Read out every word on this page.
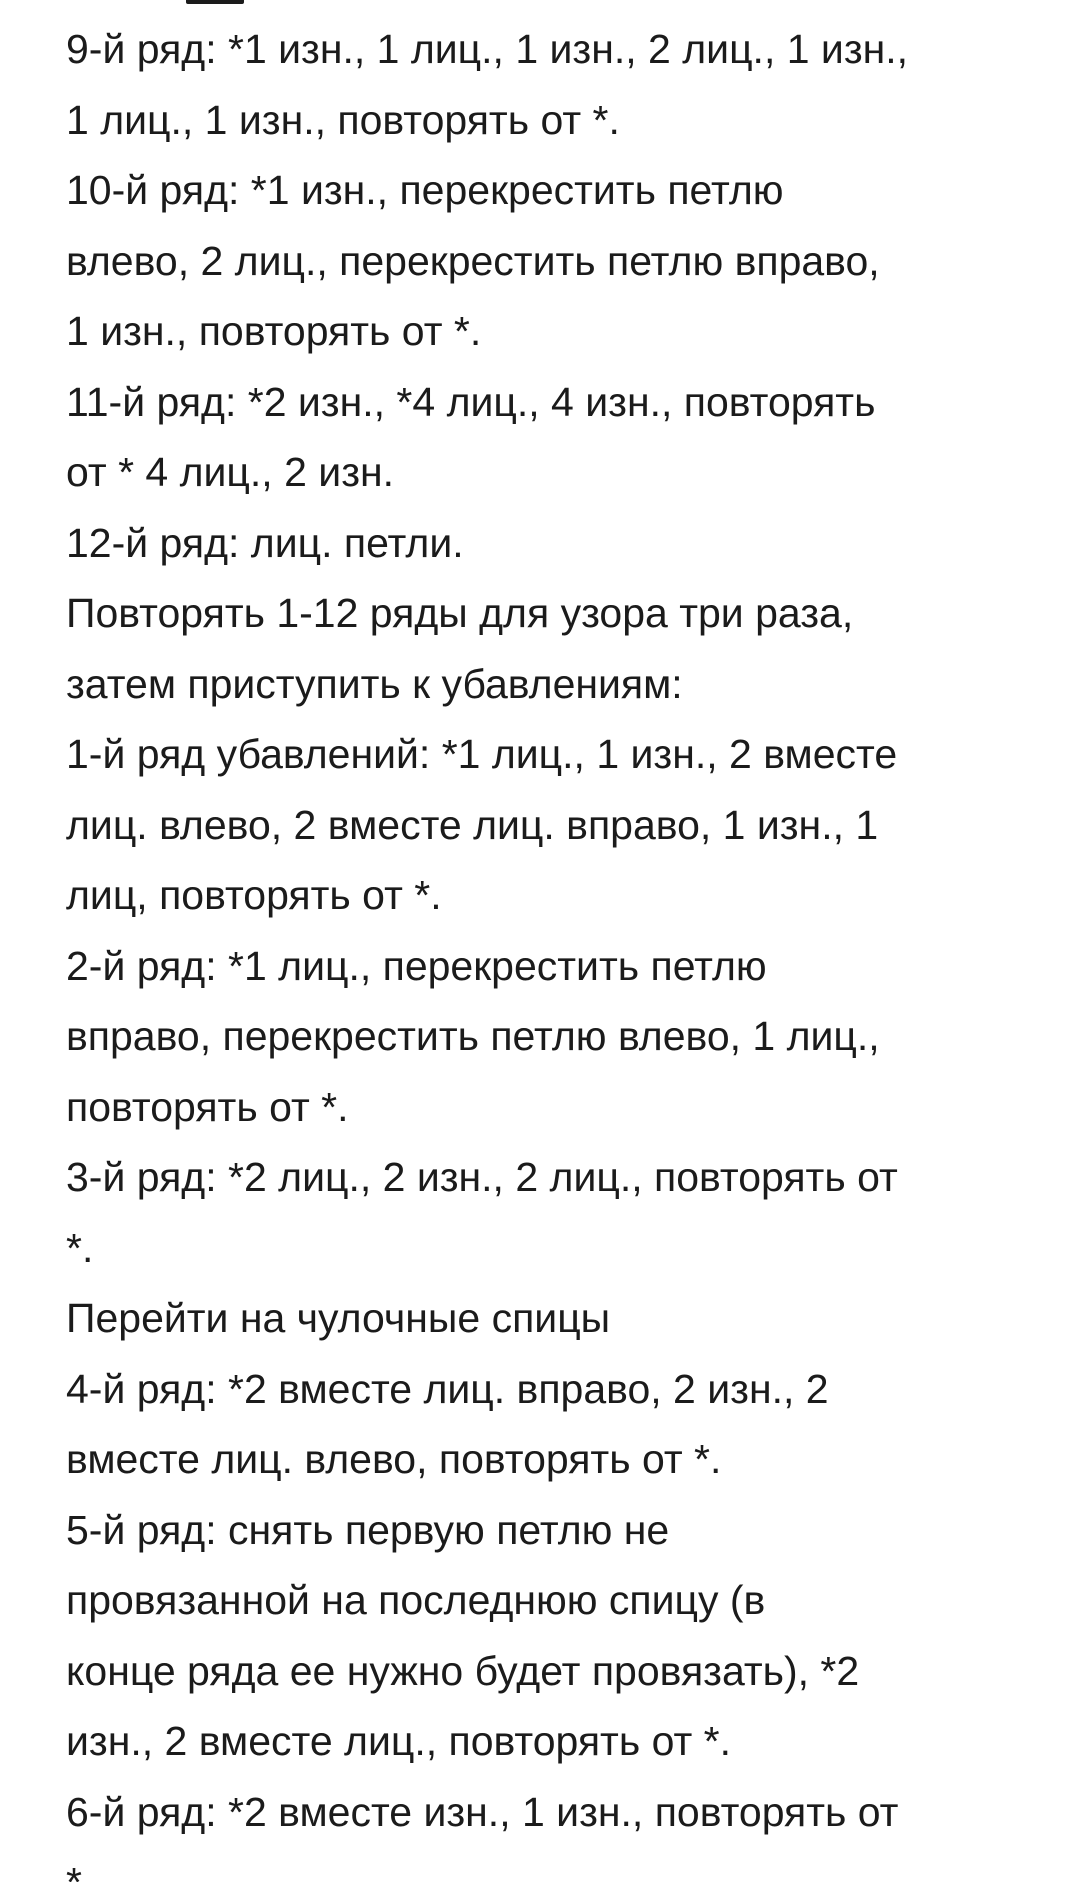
9-й ряд: *1 изн., 1 лиц., 1 изн., 2 лиц., 1 изн.,
1 лиц., 1 изн., повторять от *.
10-й ряд: *1 изн., перекрестить петлю
влево, 2 лиц., перекрестить петлю вправо,
1 изн., повторять от *.
11-й ряд: *2 изн., *4 лиц., 4 изн., повторять
от * 4 лиц., 2 изн.
12-й ряд: лиц. петли.
Повторять 1-12 ряды для узора три раза,
затем приступить к убавлениям:
1-й ряд убавлений: *1 лиц., 1 изн., 2 вместе
лиц. влево, 2 вместе лиц. вправо, 1 изн., 1
лиц, повторять от *.
2-й ряд: *1 лиц., перекрестить петлю
вправо, перекрестить петлю влево, 1 лиц.,
повторять от *.
3-й ряд: *2 лиц., 2 изн., 2 лиц., повторять от
*.
Перейти на чулочные спицы
4-й ряд: *2 вместе лиц. вправо, 2 изн., 2
вместе лиц. влево, повторять от *.
5-й ряд: снять первую петлю не
провязанной на последнюю спицу (в
конце ряда ее нужно будет провязать), *2
изн., 2 вместе лиц., повторять от *.
6-й ряд: *2 вместе изн., 1 изн., повторять от
*
